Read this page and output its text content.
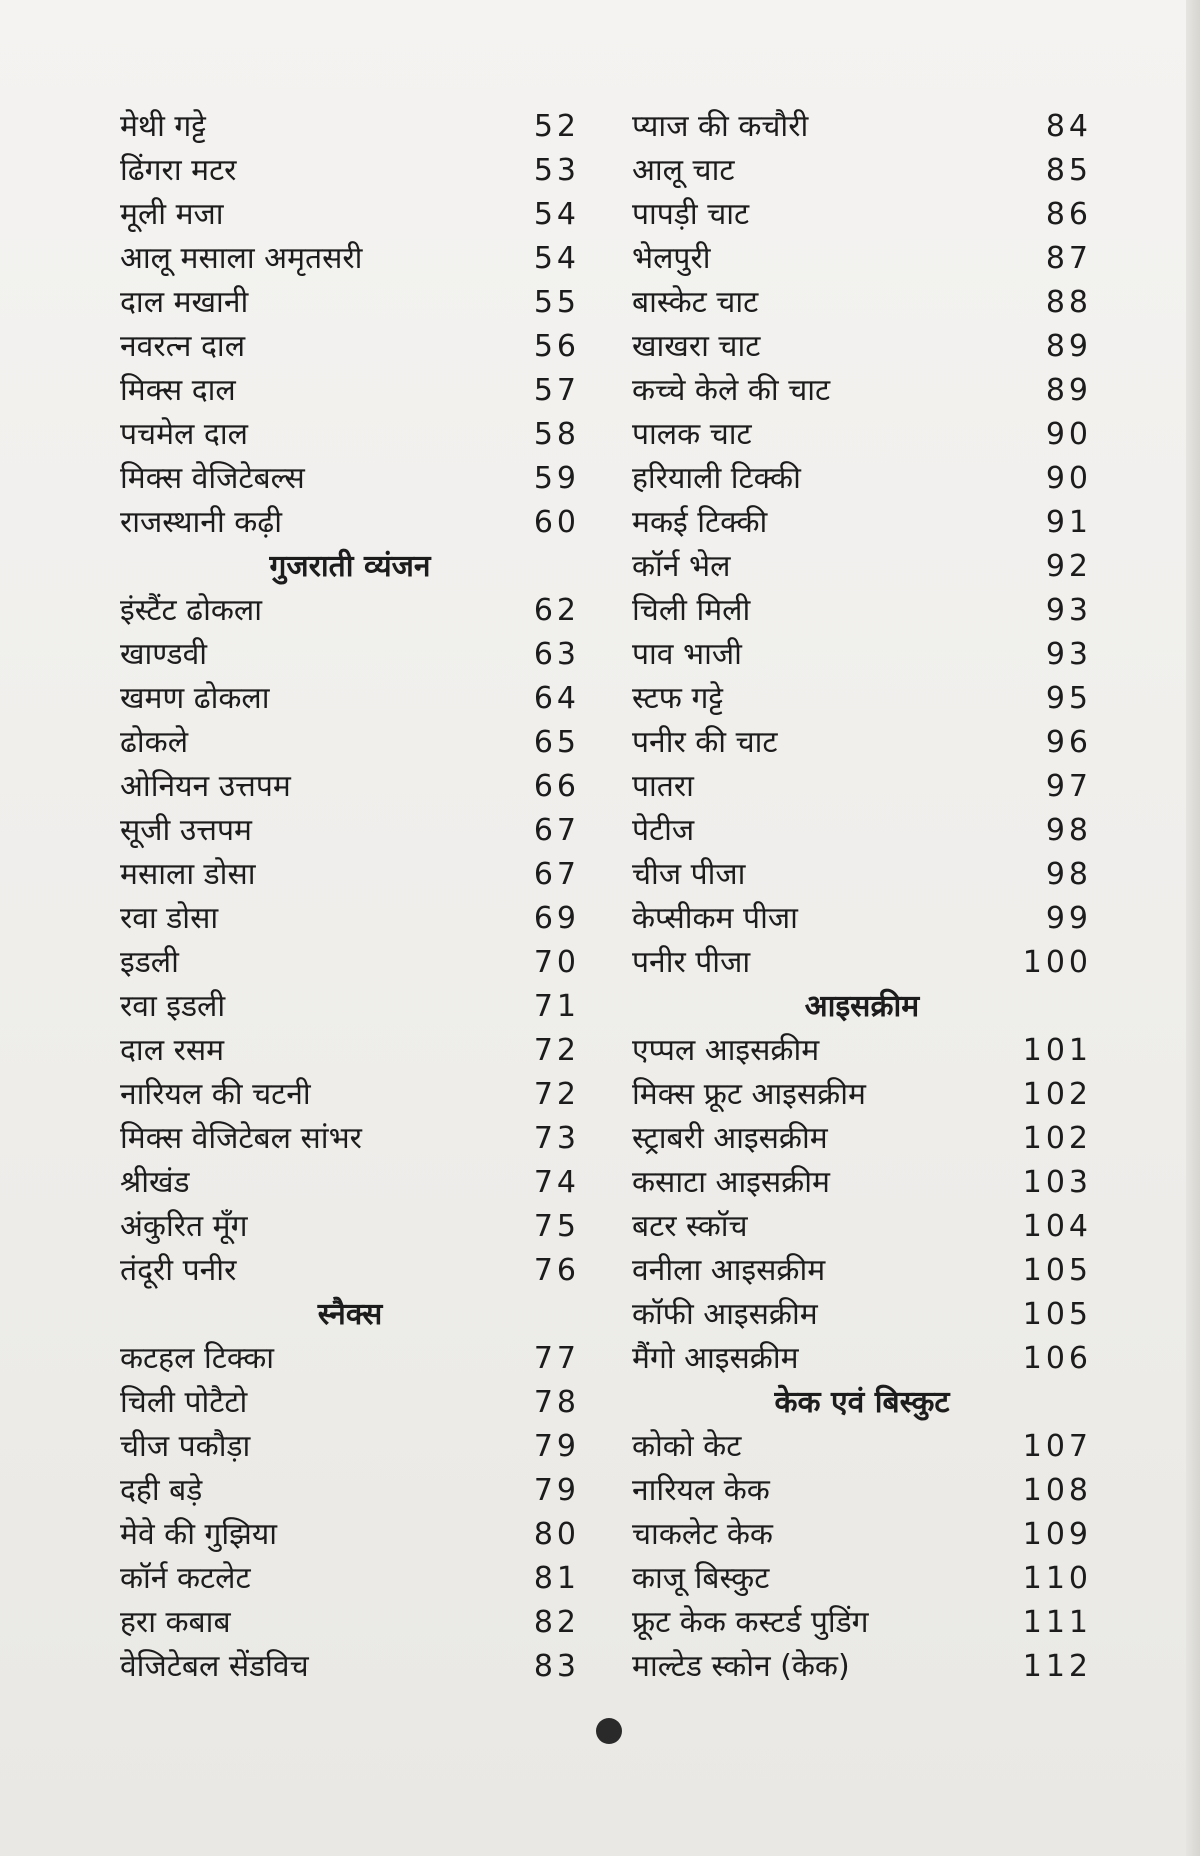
मेथी गट्टे	52
ढिंगरा मटर	53
मूली मजा	54
आलू मसाला अमृतसरी	54
दाल मखानी	55
नवरत्न दाल	56
मिक्स दाल	57
पचमेल दाल	58
मिक्स वेजिटेबल्स	59
राजस्थानी कढ़ी	60
गुजराती व्यंजन
इंस्टैंट ढोकला	62
खाण्डवी	63
खमण ढोकला	64
ढोकले	65
ओनियन उत्तपम	66
सूजी उत्तपम	67
मसाला डोसा	67
रवा डोसा	69
इडली	70
रवा इडली	71
दाल रसम	72
नारियल की चटनी	72
मिक्स वेजिटेबल सांभर	73
श्रीखंड	74
अंकुरित मूँग	75
तंदूरी पनीर	76
स्नैक्स
कटहल टिक्का	77
चिली पोटैटो	78
चीज पकौड़ा	79
दही बड़े	79
मेवे की गुझिया	80
कॉर्न कटलेट	81
हरा कबाब	82
वेजिटेबल सेंडविच	83
प्याज की कचौरी	84
आलू चाट	85
पापड़ी चाट	86
भेलपुरी	87
बास्केट चाट	88
खाखरा चाट	89
कच्चे केले की चाट	89
पालक चाट	90
हरियाली टिक्की	90
मकई टिक्की	91
कॉर्न भेल	92
चिली मिली	93
पाव भाजी	93
स्टफ गट्टे	95
पनीर की चाट	96
पातरा	97
पेटीज	98
चीज पीजा	98
केप्सीकम पीजा	99
पनीर पीजा	100
आइसक्रीम
एप्पल आइसक्रीम	101
मिक्स फ्रूट आइसक्रीम	102
स्ट्राबरी आइसक्रीम	102
कसाटा आइसक्रीम	103
बटर स्कॉच	104
वनीला आइसक्रीम	105
कॉफी आइसक्रीम	105
मैंगो आइसक्रीम	106
केक एवं बिस्कुट
कोको केट	107
नारियल केक	108
चाकलेट केक	109
काजू बिस्कुट	110
फ्रूट केक कस्टर्ड पुडिंग	111
माल्टेड स्कोन (केक)	112
